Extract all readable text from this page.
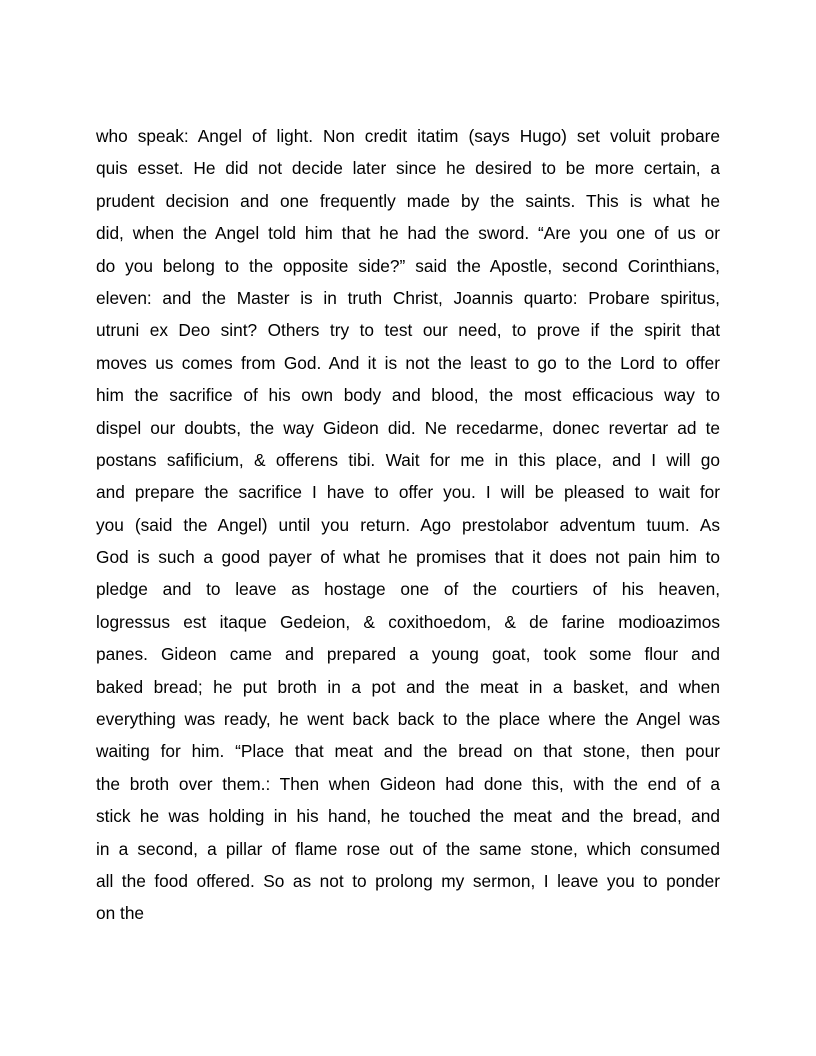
who speak: Angel of light. Non credit itatim (says Hugo) set voluit probare
quis esset. He did not decide later since he desired to be more certain, a
prudent decision and one frequently made by the saints. This is what he
did, when the Angel told him that he had the sword. “Are you one of us or
do you belong to the opposite side?” said the Apostle, second Corinthians,
eleven: and the Master is in truth Christ, Joannis quarto: Probare spiritus,
utruni ex Deo sint? Others try to test our need, to prove if the spirit that
moves us comes from God. And it is not the least to go to the Lord to offer
him the sacrifice of his own body and blood, the most efficacious way to
dispel our doubts, the way Gideon did. Ne recedarme, donec revertar ad te
postans safificium, & offerens tibi. Wait for me in this place, and I will go
and prepare the sacrifice I have to offer you. I will be pleased to wait for
you (said the Angel) until you return. Ago prestolabor adventum tuum. As
God is such a good payer of what he promises that it does not pain him to
pledge and to leave as hostage one of the courtiers of his heaven,
logressus est itaque Gedeion, & coxithoedom, & de farine modioazimos
panes. Gideon came and prepared a young goat, took some flour and
baked bread; he put broth in a pot and the meat in a basket, and when
everything was ready, he went back back to the place where the Angel was
waiting for him. “Place that meat and the bread on that stone, then pour
the broth over them.: Then when Gideon had done this, with the end of a
stick he was holding in his hand, he touched the meat and the bread, and
in a second, a pillar of flame rose out of the same stone, which consumed
all the food offered. So as not to prolong my sermon, I leave you to ponder
on the
